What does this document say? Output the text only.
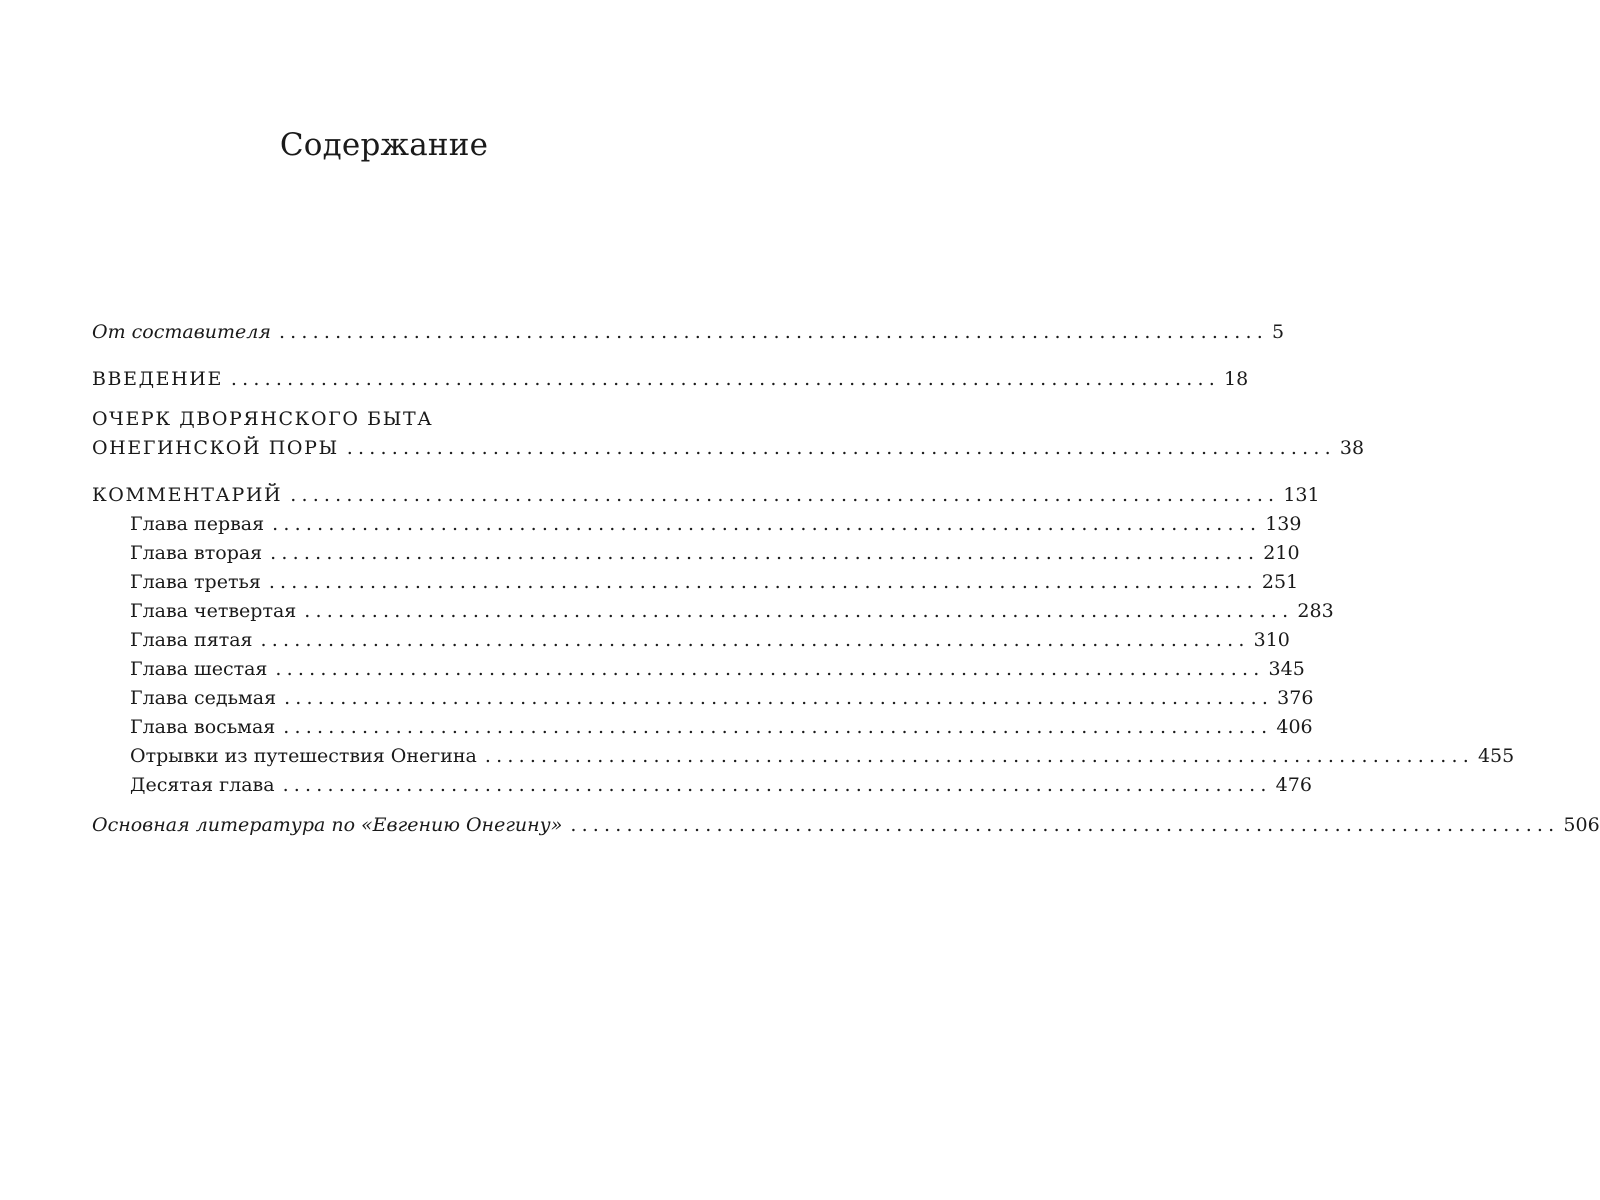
Содержание
От составителя ........................................................................................ 5
ВВЕДЕНИЕ ........................................................................................ 18
ОЧЕРК ДВОРЯНСКОГО БЫТА
ОНЕГИНСКОЙ ПОРЫ ........................................................................................ 38
КОММЕНТАРИЙ ........................................................................................ 131
Глава первая ........................................................................................ 139
Глава вторая ........................................................................................ 210
Глава третья ........................................................................................ 251
Глава четвертая ........................................................................................ 283
Глава пятая ........................................................................................ 310
Глава шестая ........................................................................................ 345
Глава седьмая ........................................................................................ 376
Глава восьмая ........................................................................................ 406
Отрывки из путешествия Онегина ........................................................................................ 455
Десятая глава ........................................................................................ 476
Основная литература по «Евгению Онегину» ........................................................................................ 506
